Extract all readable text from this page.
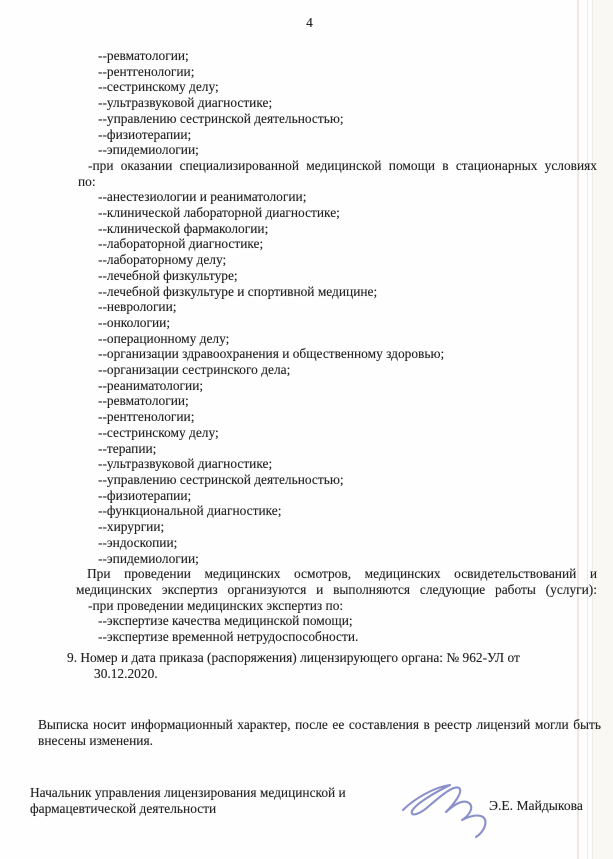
4
--ревматологии;
--рентгенологии;
--сестринскому делу;
--ультразвуковой диагностике;
--управлению сестринской деятельностью;
--физиотерапии;
--эпидемиологии;
-при оказании специализированной медицинской помощи в стационарных условиях
по:
--анестезиологии и реаниматологии;
--клинической лабораторной диагностике;
--клинической фармакологии;
--лабораторной диагностике;
--лабораторному делу;
--лечебной физкультуре;
--лечебной физкультуре и спортивной медицине;
--неврологии;
--онкологии;
--операционному делу;
--организации здравоохранения и общественному здоровью;
--организации сестринского дела;
--реаниматологии;
--ревматологии;
--рентгенологии;
--сестринскому делу;
--терапии;
--ультразвуковой диагностике;
--управлению сестринской деятельностью;
--физиотерапии;
--функциональной диагностике;
--хирургии;
--эндоскопии;
--эпидемиологии;
При проведении медицинских осмотров, медицинских освидетельствований и
медицинских экспертиз организуются и выполняются следующие работы (услуги):
-при проведении медицинских экспертиз по:
--экспертизе качества медицинской помощи;
--экспертизе временной нетрудоспособности.
9. Номер и дата приказа (распоряжения) лицензирующего органа: № 962-УЛ от
30.12.2020.
Выписка носит информационный характер, после ее составления в реестр лицензий могли быть
внесены изменения.
Начальник управления лицензирования медицинской и
фармацевтической деятельности	Э.Е. Майдыкова
